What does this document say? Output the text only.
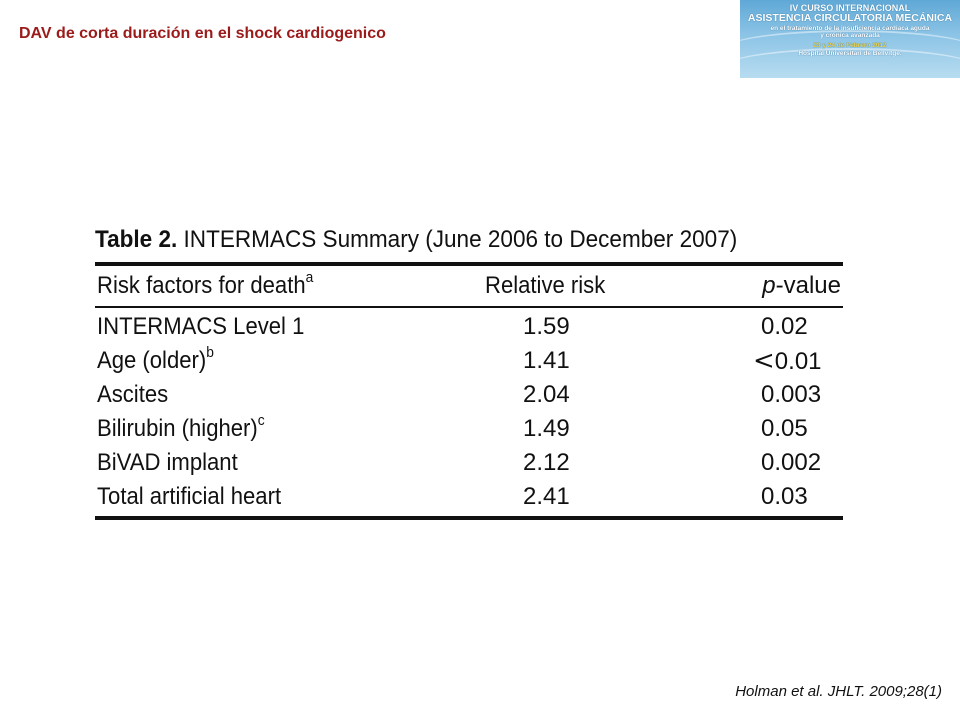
DAV de corta duración en el shock cardiogenico
IV CURSO INTERNACIONAL
ASISTENCIA CIRCULATORIA MECÁNICA
en el tratamiento de la insuficiencia cardiaca aguda
y crónica avanzada
23 y 24 de Febrero 2012
Hospital Universitari de Bellvitge.
Table 2. INTERMACS Summary (June 2006 to December 2007)
Risk factors for death$^a$	Relative risk	p-value
INTERMACS Level 1	1.59	0.02
Age (older)$^b$	1.41	<0.01
Ascites	2.04	0.003
Bilirubin (higher)$^c$	1.49	0.05
BiVAD implant	2.12	0.002
Total artificial heart	2.41	0.03
Holman et al. JHLT. 2009;28(1)
